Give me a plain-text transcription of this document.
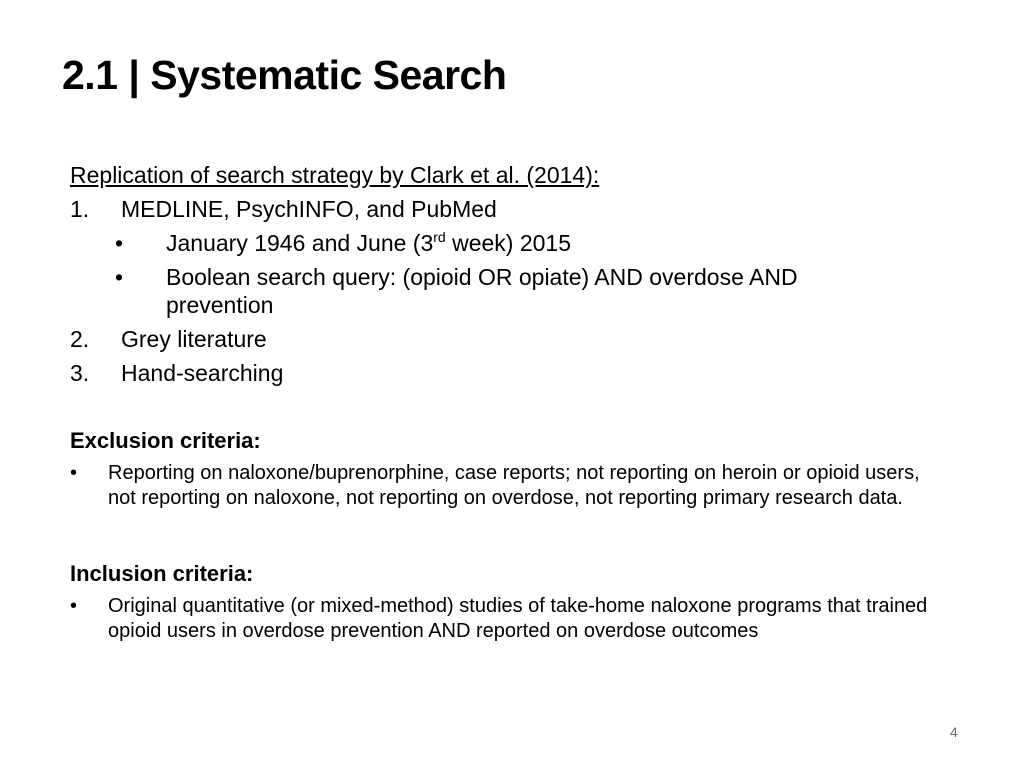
2.1 | Systematic Search
Replication of search strategy by Clark et al. (2014):
1. MEDLINE, PsychINFO, and PubMed
• January 1946 and June (3rd week) 2015
•	Boolean search query: (opioid OR opiate) AND overdose AND prevention
2. Grey literature
3. Hand-searching
Exclusion criteria:
•	Reporting on naloxone/buprenorphine, case reports; not reporting on heroin or opioid users, not reporting on naloxone, not reporting on overdose, not reporting primary research data.
Inclusion criteria:
•	Original quantitative (or mixed-method) studies of take-home naloxone programs that trained opioid users in overdose prevention AND reported on overdose outcomes
4
